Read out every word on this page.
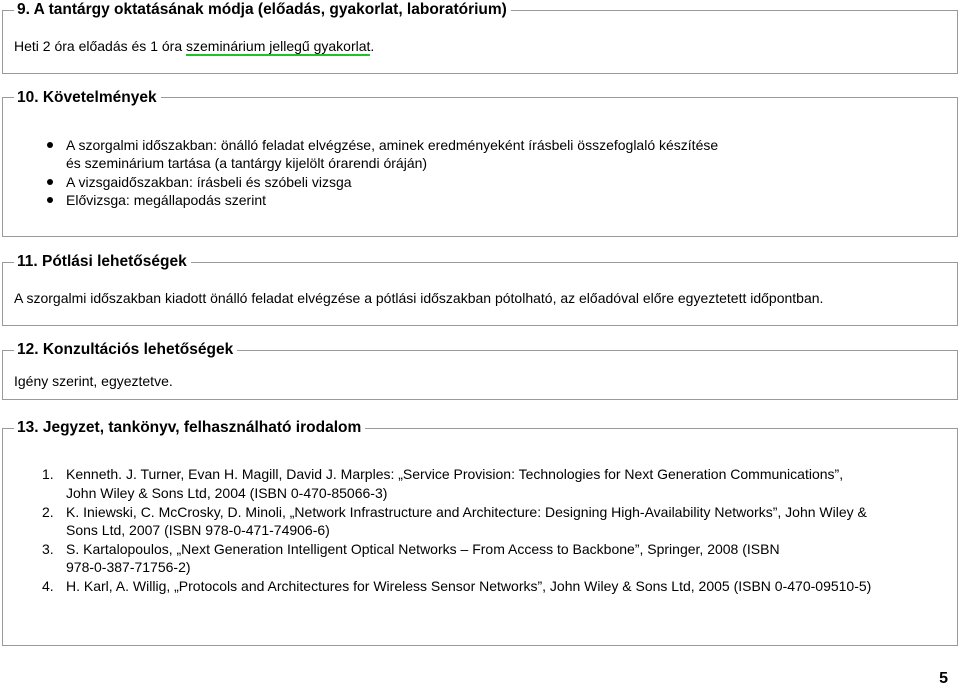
9. A tantárgy oktatásának módja (előadás, gyakorlat, laboratórium)
Heti 2 óra előadás és 1 óra szeminárium jellegű gyakorlat.
10. Követelmények
A szorgalmi időszakban: önálló feladat elvégzése, aminek eredményeként írásbeli összefoglaló készítése
és szeminárium tartása (a tantárgy kijelölt órarendi óráján)
A vizsgaidőszakban: írásbeli és szóbeli vizsga
Elővizsga: megállapodás szerint
11. Pótlási lehetőségek
A szorgalmi időszakban kiadott önálló feladat elvégzése a pótlási időszakban pótolható, az előadóval előre egyeztetett időpontban.
12. Konzultációs lehetőségek
Igény szerint, egyeztetve.
13. Jegyzet, tankönyv, felhasználható irodalom
1. Kenneth. J. Turner, Evan H. Magill, David J. Marples: „Service Provision: Technologies for Next Generation Communications”,
John Wiley & Sons Ltd, 2004 (ISBN 0-470-85066-3)
2. K. Iniewski, C. McCrosky, D. Minoli, „Network Infrastructure and Architecture: Designing High-Availability Networks”, John Wiley &
Sons Ltd, 2007 (ISBN 978-0-471-74906-6)
3. S. Kartalopoulos, „Next Generation Intelligent Optical Networks – From Access to Backbone”, Springer, 2008 (ISBN
978-0-387-71756-2)
4. H. Karl, A. Willig, „Protocols and Architectures for Wireless Sensor Networks”, John Wiley & Sons Ltd, 2005 (ISBN 0-470-09510-5)
5
